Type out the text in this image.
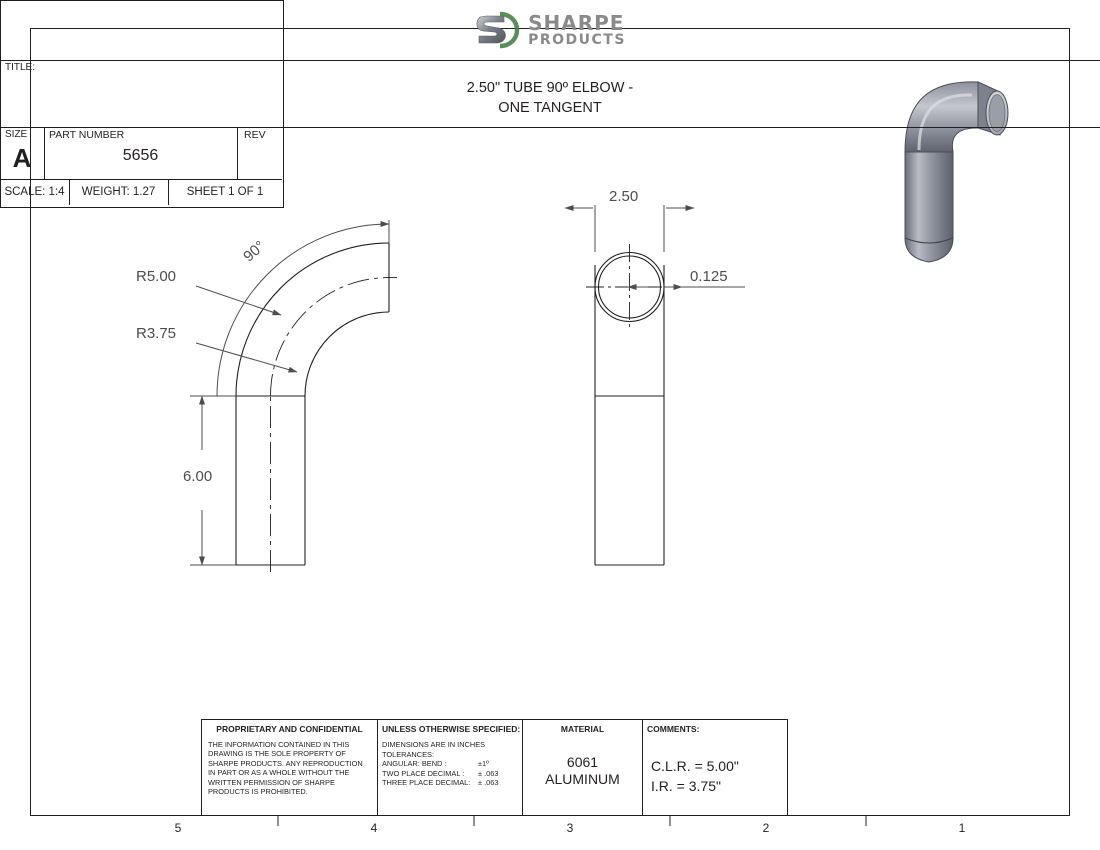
90°
R5.00
R3.75
6.00
2.50
0.125
5	4	3	2	1
PROPRIETARY AND CONFIDENTIAL
THE INFORMATION CONTAINED IN THIS DRAWING IS THE SOLE PROPERTY OF SHARPE PRODUCTS. ANY REPRODUCTION IN PART OR AS A WHOLE WITHOUT THE WRITTEN PERMISSION OF SHARPE PRODUCTS IS PROHIBITED.
UNLESS OTHERWISE SPECIFIED:
DIMENSIONS ARE IN INCHES
TOLERANCES:
ANGULAR: BEND :	±1º
TWO PLACE DECIMAL : ± .063
THREE PLACE DECIMAL: ± .063
MATERIAL
6061
ALUMINUM
COMMENTS:
C.L.R. = 5.00"
I.R. = 3.75"
SHARPE
PRODUCTS
TITLE:
2.50" TUBE 90º ELBOW -
ONE TANGENT
SIZE
A
PART NUMBER
5656
REV
SCALE: 1:4	WEIGHT: 1.27	SHEET 1 OF 1
